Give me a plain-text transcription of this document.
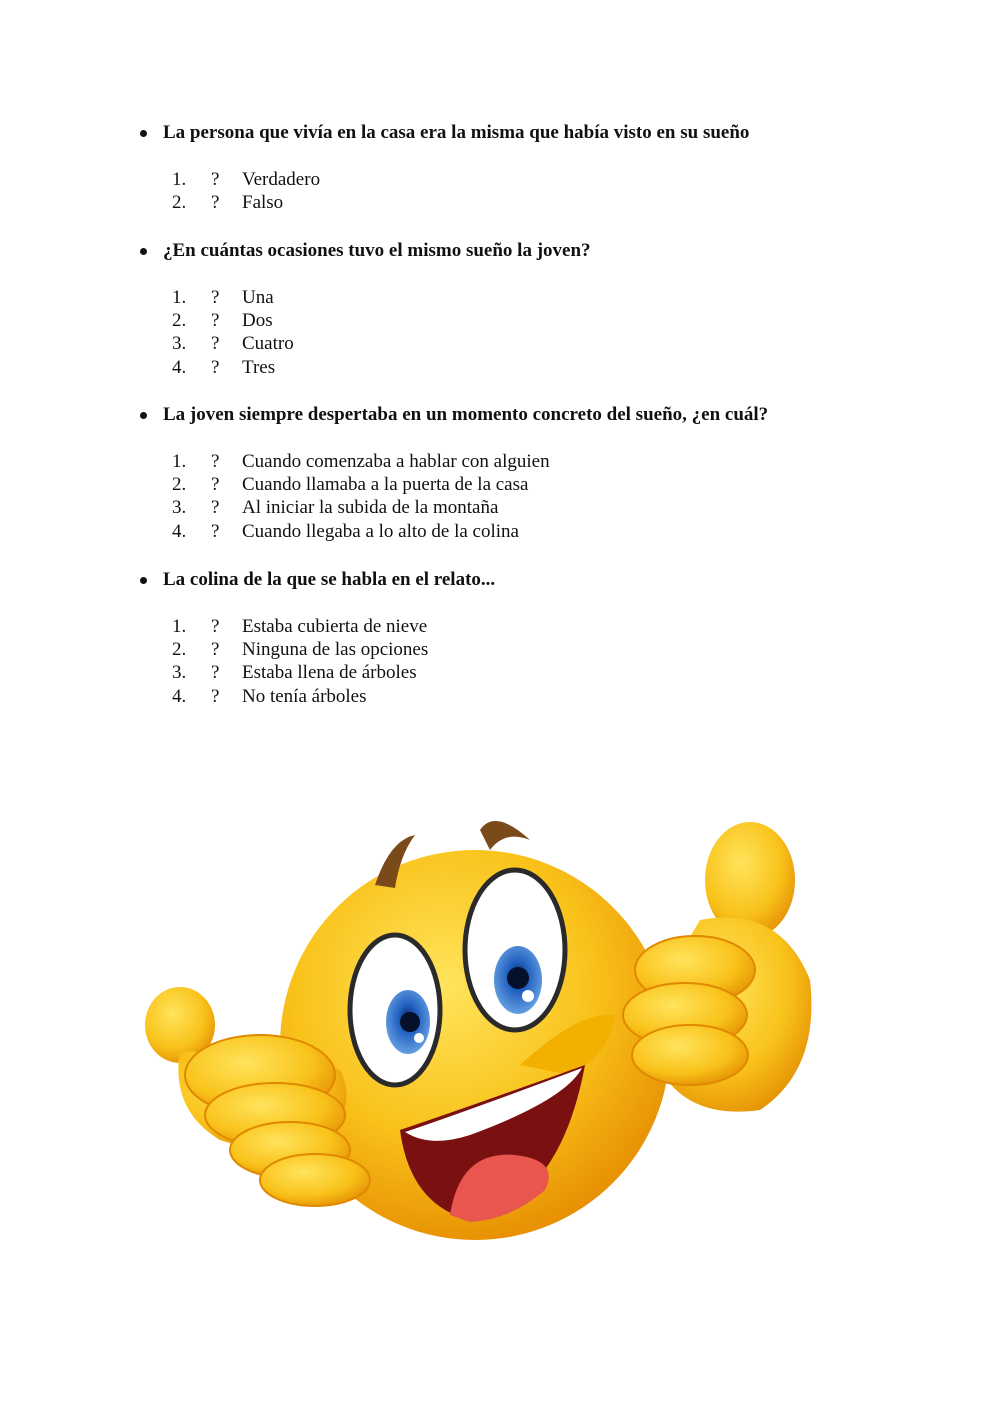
La persona que vivía en la casa era la misma que había visto en su sueño
1.	? Verdadero
2.	? Falso
¿En cuántas ocasiones tuvo el mismo sueño la joven?
1.	? Una
2.	? Dos
3.	? Cuatro
4.	? Tres
La joven siempre despertaba en un momento concreto del sueño, ¿en cuál?
1.	? Cuando comenzaba a hablar con alguien
2.	? Cuando llamaba a la puerta de la casa
3.	? Al iniciar la subida de la montaña
4.	? Cuando llegaba a lo alto de la colina
La colina de la que se habla en el relato...
1.	? Estaba cubierta de nieve
2.	? Ninguna de las opciones
3.	? Estaba llena de árboles
4.	? No tenía árboles
